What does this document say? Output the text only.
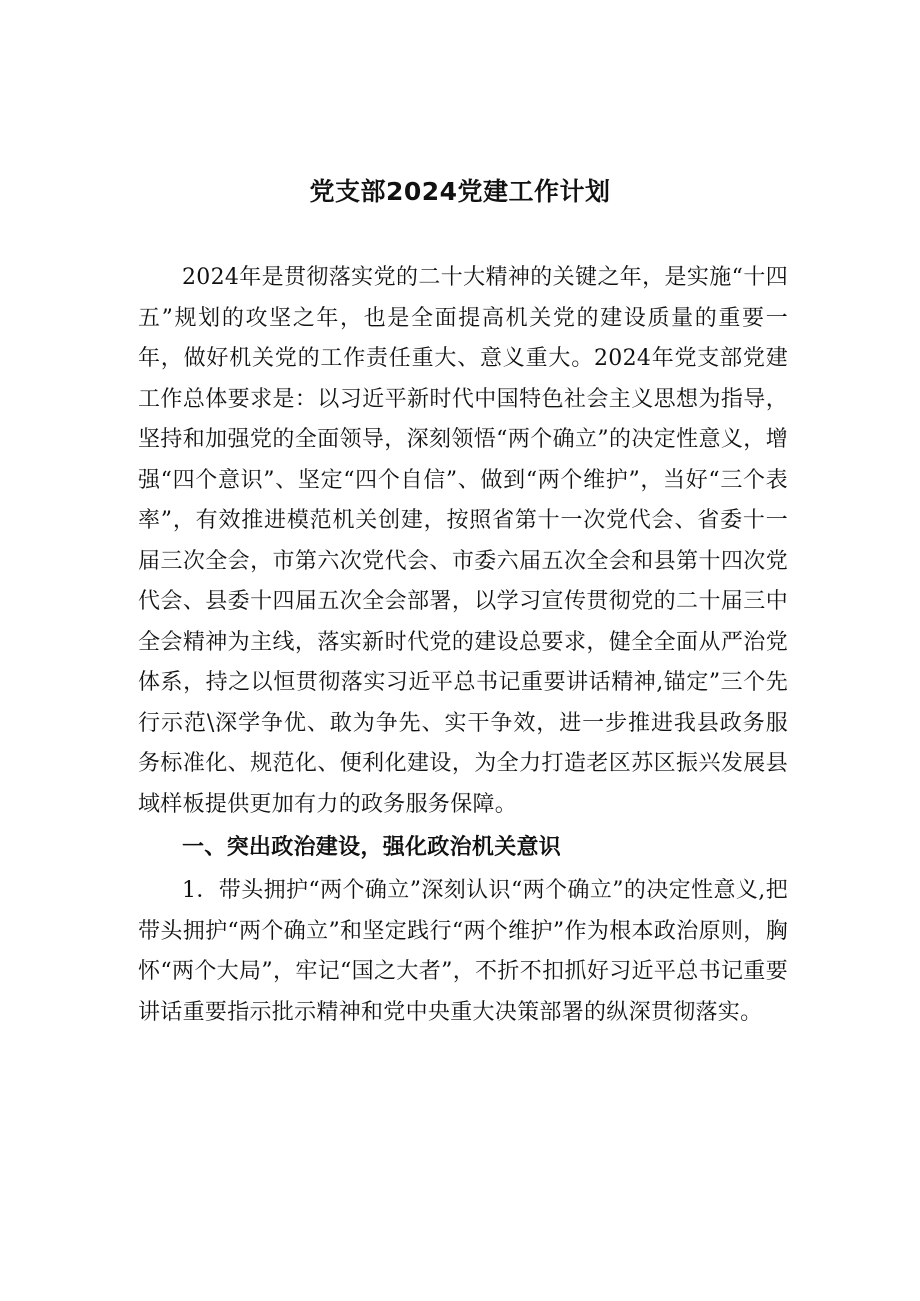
党支部2024党建工作计划

2024年是贯彻落实党的二十大精神的关键之年，是实施“十四五”规划的攻坚之年，也是全面提高机关党的建设质量的重要一年，做好机关党的工作责任重大、意义重大。2024年党支部党建工作总体要求是：以习近平新时代中国特色社会主义思想为指导，坚持和加强党的全面领导，深刻领悟“两个确立”的决定性意义，增强“四个意识”、坚定“四个自信”、做到“两个维护”，当好“三个表率”，有效推进模范机关创建，按照省第十一次党代会、省委十一届三次全会，市第六次党代会、市委六届五次全会和县第十四次党代会、县委十四届五次全会部署，以学习宣传贯彻党的二十届三中全会精神为主线，落实新时代党的建设总要求，健全全面从严治党体系，持之以恒贯彻落实习近平总书记重要讲话精神,锚定”三个先行示范\深学争优、敢为争先、实干争效，进一步推进我县政务服务标准化、规范化、便利化建设，为全力打造老区苏区振兴发展县域样板提供更加有力的政务服务保障。

一、突出政治建设，强化政治机关意识

1．带头拥护“两个确立”深刻认识“两个确立”的决定性意义,把带头拥护“两个确立”和坚定践行“两个维护”作为根本政治原则，胸怀“两个大局”，牢记“国之大者”，不折不扣抓好习近平总书记重要讲话重要指示批示精神和党中央重大决策部署的纵深贯彻落实。
